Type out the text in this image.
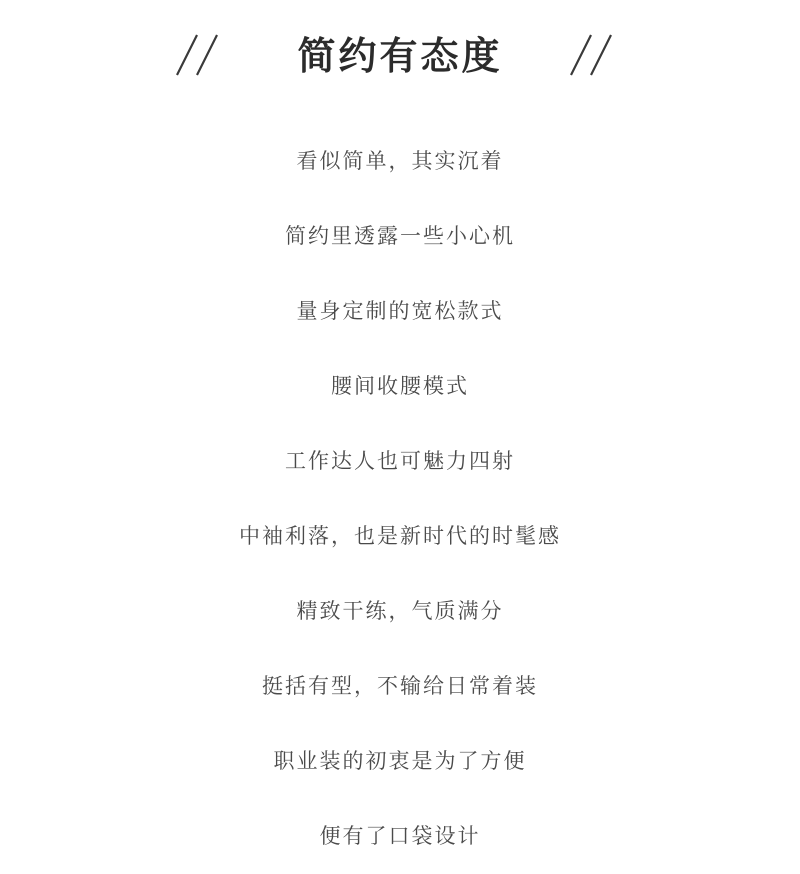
简约有态度

看似简单，其实沉着

简约里透露一些小心机

量身定制的宽松款式

腰间收腰模式

工作达人也可魅力四射

中袖利落，也是新时代的时髦感

精致干练，气质满分

挺括有型，不输给日常着装

职业装的初衷是为了方便

便有了口袋设计
